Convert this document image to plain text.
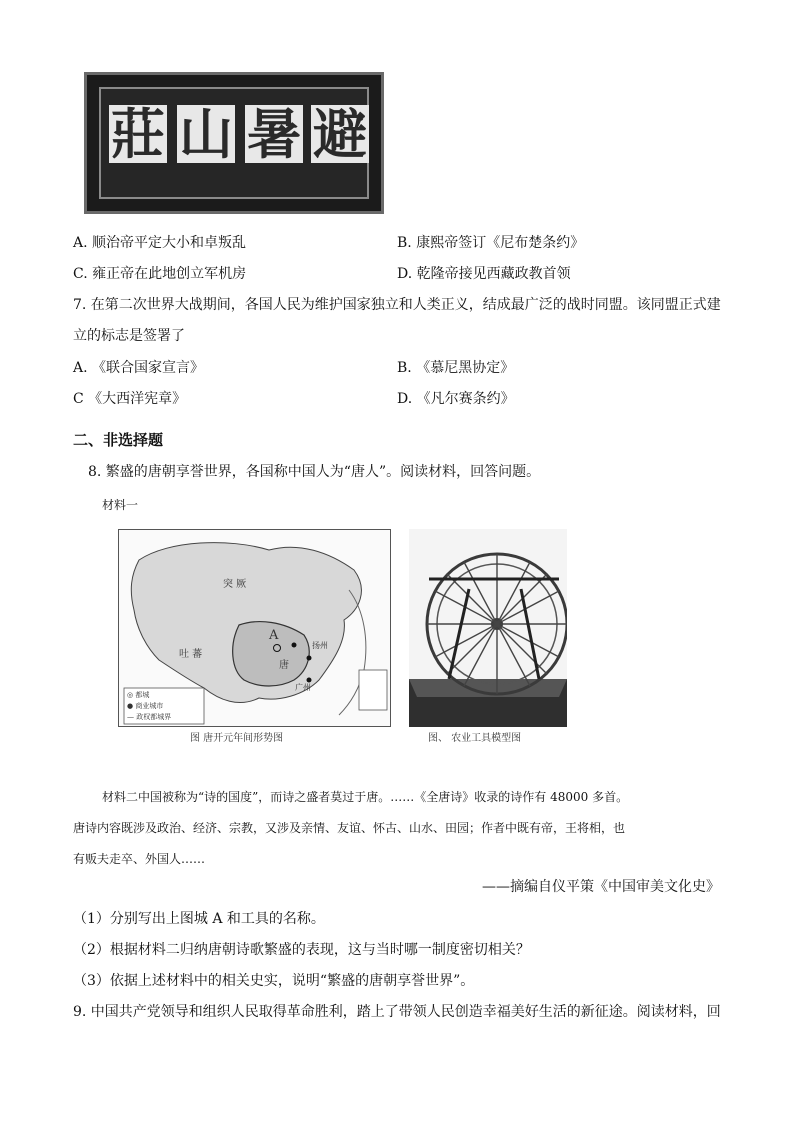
莊 山 暑 避
A. 顺治帝平定大小和卓叛乱	B. 康熙帝签订《尼布楚条约》
C. 雍正帝在此地创立军机房	D. 乾隆帝接见西藏政教首领
7. 在第二次世界大战期间，各国人民为维护国家独立和人类正义，结成最广泛的战时同盟。该同盟正式建
立的标志是签署了
A. 《联合国家宣言》	B. 《慕尼黑协定》
C 《大西洋宪章》	D. 《凡尔赛条约》
二、非选择题
8. 繁盛的唐朝享誉世界，各国称中国人为“唐人”。阅读材料，回答问题。
材料一
突 厥
吐 蕃
A
唐
扬州
广州
◎ 都城
● 商业城市
— 政权都城界
图 唐开元年间形势图	图、 农业工具模型图
材料二中国被称为“诗的国度”，而诗之盛者莫过于唐。……《全唐诗》收录的诗作有 48000 多首。
唐诗内容既涉及政治、经济、宗教，又涉及亲情、友谊、怀古、山水、田园；作者中既有帝，王将相，也
有贩夫走卒、外国人……
——摘编自仪平策《中国审美文化史》
（1）分别写出上图城 A 和工具的名称。
（2）根据材料二归纳唐朝诗歌繁盛的表现，这与当时哪一制度密切相关？
（3）依据上述材料中的相关史实，说明“繁盛的唐朝享誉世界”。
9. 中国共产党领导和组织人民取得革命胜利，踏上了带领人民创造幸福美好生活的新征途。阅读材料，回
